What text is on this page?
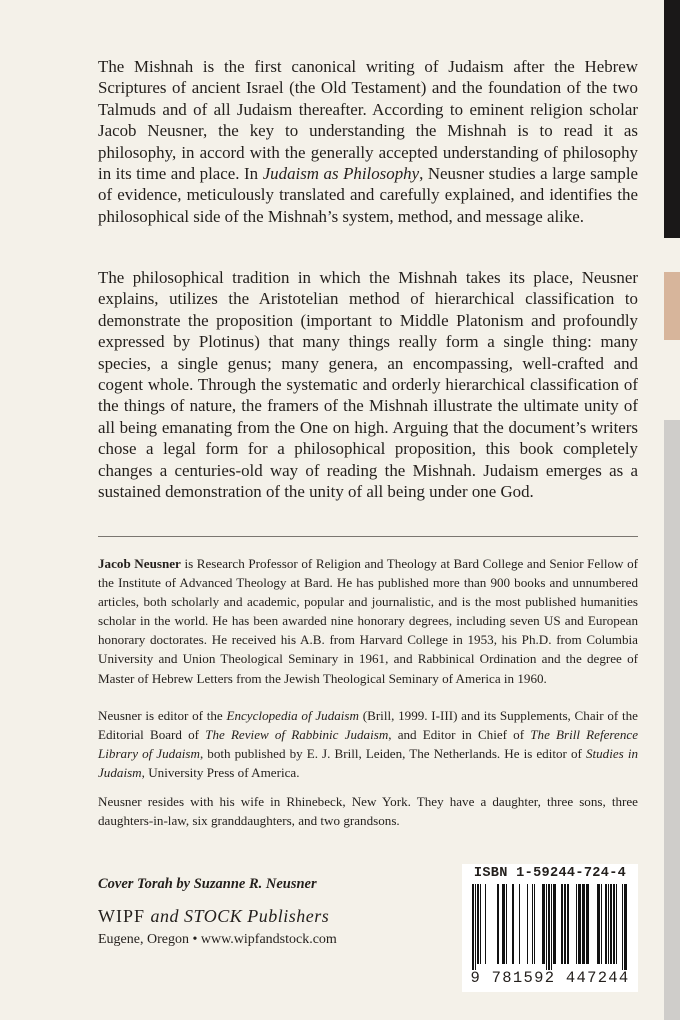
The Mishnah is the first canonical writing of Judaism after the Hebrew Scriptures of ancient Israel (the Old Testament) and the foundation of the two Talmuds and of all Judaism thereafter. According to eminent religion scholar Jacob Neusner, the key to understanding the Mishnah is to read it as philosophy, in accord with the generally accepted understanding of philosophy in its time and place. In Judaism as Philosophy, Neusner studies a large sample of evidence, meticulously translated and carefully explained, and identifies the philosophical side of the Mishnah’s system, method, and message alike.

The philosophical tradition in which the Mishnah takes its place, Neusner explains, utilizes the Aristotelian method of hierarchical classification to demonstrate the proposition (important to Middle Platonism and profoundly expressed by Plotinus) that many things really form a single thing: many species, a single genus; many genera, an encompassing, well-crafted and cogent whole. Through the systematic and orderly hierarchical classification of the things of nature, the framers of the Mishnah illustrate the ultimate unity of all being emanating from the One on high. Arguing that the document’s writers chose a legal form for a philosophical proposition, this book completely changes a centuries-old way of reading the Mishnah. Judaism emerges as a sustained demonstration of the unity of all being under one God.

Jacob Neusner is Research Professor of Religion and Theology at Bard College and Senior Fellow of the Institute of Advanced Theology at Bard. He has published more than 900 books and unnumbered articles, both scholarly and academic, popular and journalistic, and is the most published humanities scholar in the world. He has been awarded nine honorary degrees, including seven US and European honorary doctorates. He received his A.B. from Harvard College in 1953, his Ph.D. from Columbia University and Union Theological Seminary in 1961, and Rabbinical Ordination and the degree of Master of Hebrew Letters from the Jewish Theological Seminary of America in 1960.

Neusner is editor of the Encyclopedia of Judaism (Brill, 1999. I-III) and its Supplements, Chair of the Editorial Board of The Review of Rabbinic Judaism, and Editor in Chief of The Brill Reference Library of Judaism, both published by E. J. Brill, Leiden, The Netherlands. He is editor of Studies in Judaism, University Press of America.

Neusner resides with his wife in Rhinebeck, New York. They have a daughter, three sons, three daughters-in-law, six granddaughters, and two grandsons.

Cover Torah by Suzanne R. Neusner
WIPF and STOCK Publishers
Eugene, Oregon • www.wipfandstock.com
ISBN 1-59244-724-4
9 781592 447244
